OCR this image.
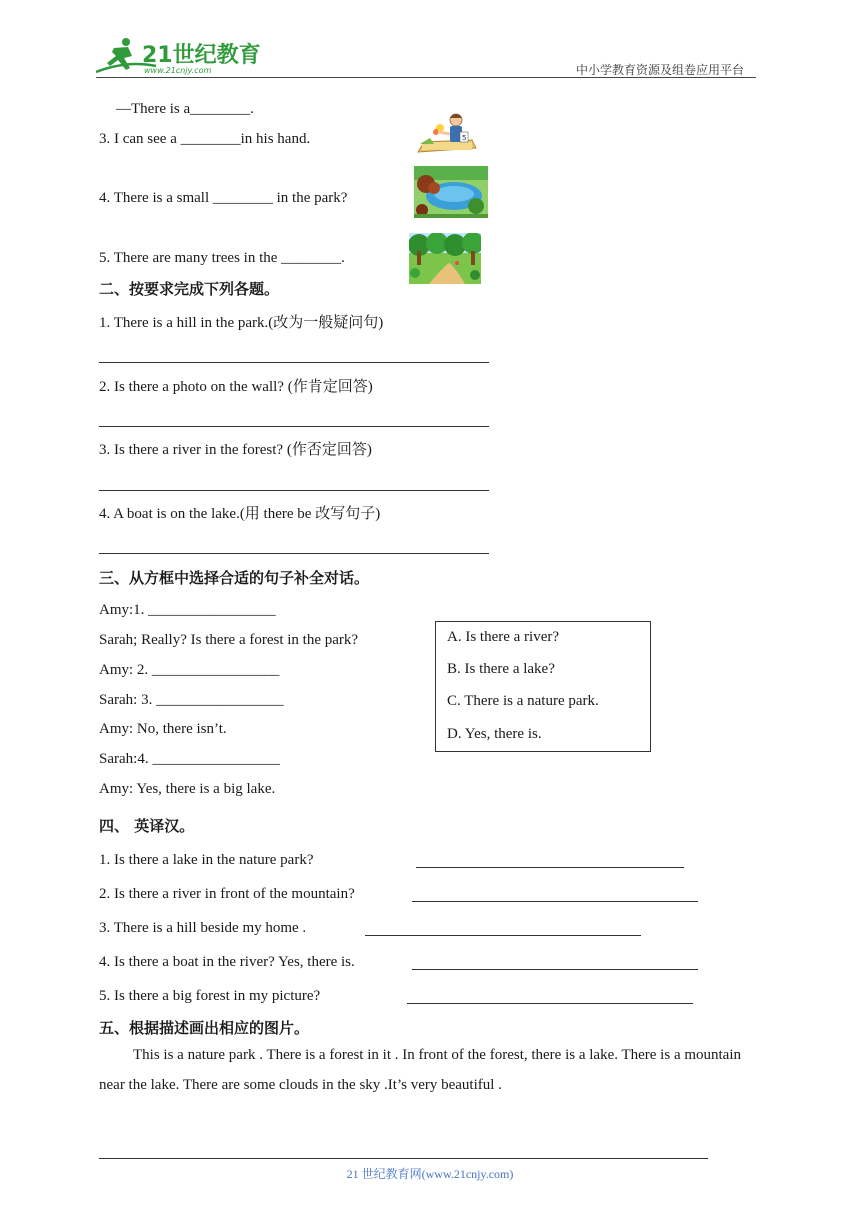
21世纪教育
www.21cnjy.com	中小学教育资源及组卷应用平台
—There is a________.
3. I can see a ________in his hand.
4. There is a small ________ in the park?
5. There are many trees in the ________.
5
二、按要求完成下列各题。
1. There is a hill in the park.(改为一般疑问句)
2. Is there a photo on the wall? (作肯定回答)
3. Is there a river in the forest? (作否定回答)
4. A boat is on the lake.(用 there be 改写句子)
三、从方框中选择合适的句子补全对话。
Amy:1. _________________
Sarah; Really? Is there a forest in the park?
Amy: 2. _________________
Sarah: 3. _________________
Amy: No, there isn’t.
Sarah:4. _________________
Amy: Yes, there is a big lake.
A. Is there a river?
B. Is there a lake?
C. There is a nature park.
D. Yes, there is.
四、 英译汉。
1. Is there a lake in the nature park?
2. Is there a river in front of the mountain?
3. There is a hill beside my home .
4. Is there a boat in the river? Yes, there is.
5. Is there a big forest in my picture?
五、根据描述画出相应的图片。
This is a nature park . There is a forest in it . In front of the forest, there is a lake. There is a mountain near the lake. There are some clouds in the sky .It’s very beautiful .
21 世纪教育网(www.21cnjy.com)
